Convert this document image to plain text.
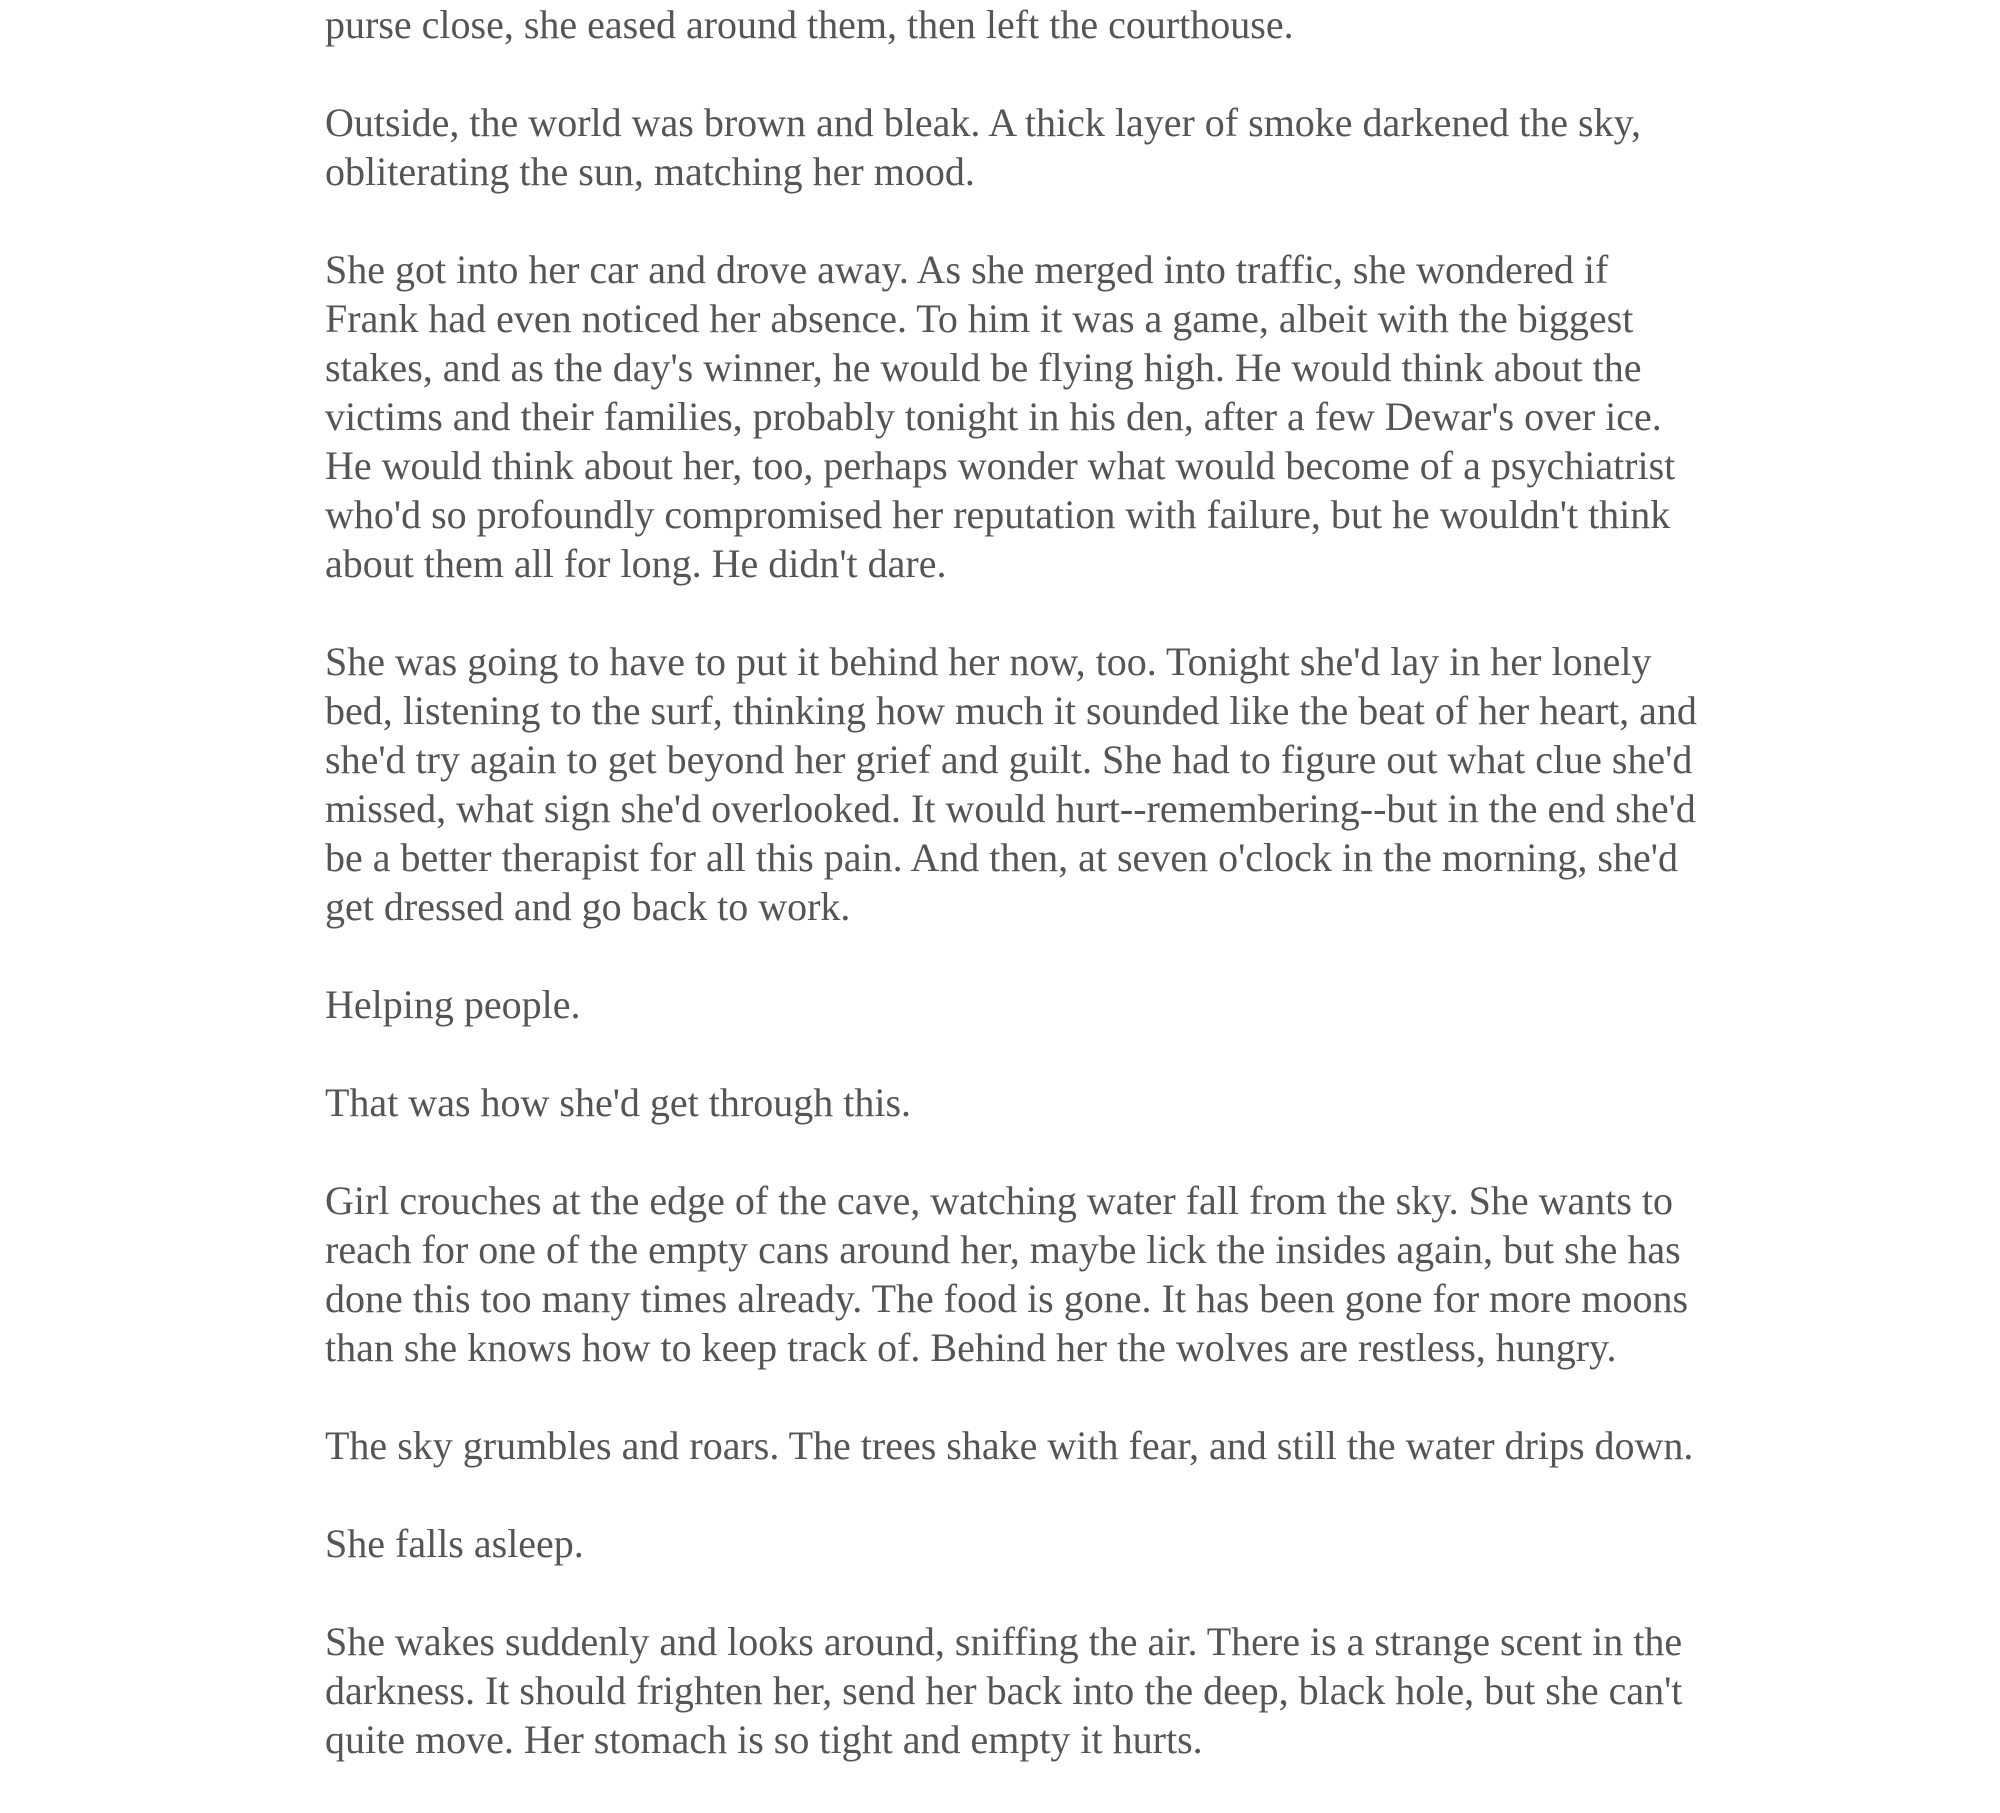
purse close, she eased around them, then left the courthouse.

Outside, the world was brown and bleak. A thick layer of smoke darkened the sky,
obliterating the sun, matching her mood.

She got into her car and drove away. As she merged into traffic, she wondered if
Frank had even noticed her absence. To him it was a game, albeit with the biggest
stakes, and as the day's winner, he would be flying high. He would think about the
victims and their families, probably tonight in his den, after a few Dewar's over ice.
He would think about her, too, perhaps wonder what would become of a psychiatrist
who'd so profoundly compromised her reputation with failure, but he wouldn't think
about them all for long. He didn't dare.

She was going to have to put it behind her now, too. Tonight she'd lay in her lonely
bed, listening to the surf, thinking how much it sounded like the beat of her heart, and
she'd try again to get beyond her grief and guilt. She had to figure out what clue she'd
missed, what sign she'd overlooked. It would hurt--remembering--but in the end she'd
be a better therapist for all this pain. And then, at seven o'clock in the morning, she'd
get dressed and go back to work.

Helping people.

That was how she'd get through this.

Girl crouches at the edge of the cave, watching water fall from the sky. She wants to
reach for one of the empty cans around her, maybe lick the insides again, but she has
done this too many times already. The food is gone. It has been gone for more moons
than she knows how to keep track of. Behind her the wolves are restless, hungry.

The sky grumbles and roars. The trees shake with fear, and still the water drips down.

She falls asleep.

She wakes suddenly and looks around, sniffing the air. There is a strange scent in the
darkness. It should frighten her, send her back into the deep, black hole, but she can't
quite move. Her stomach is so tight and empty it hurts.
